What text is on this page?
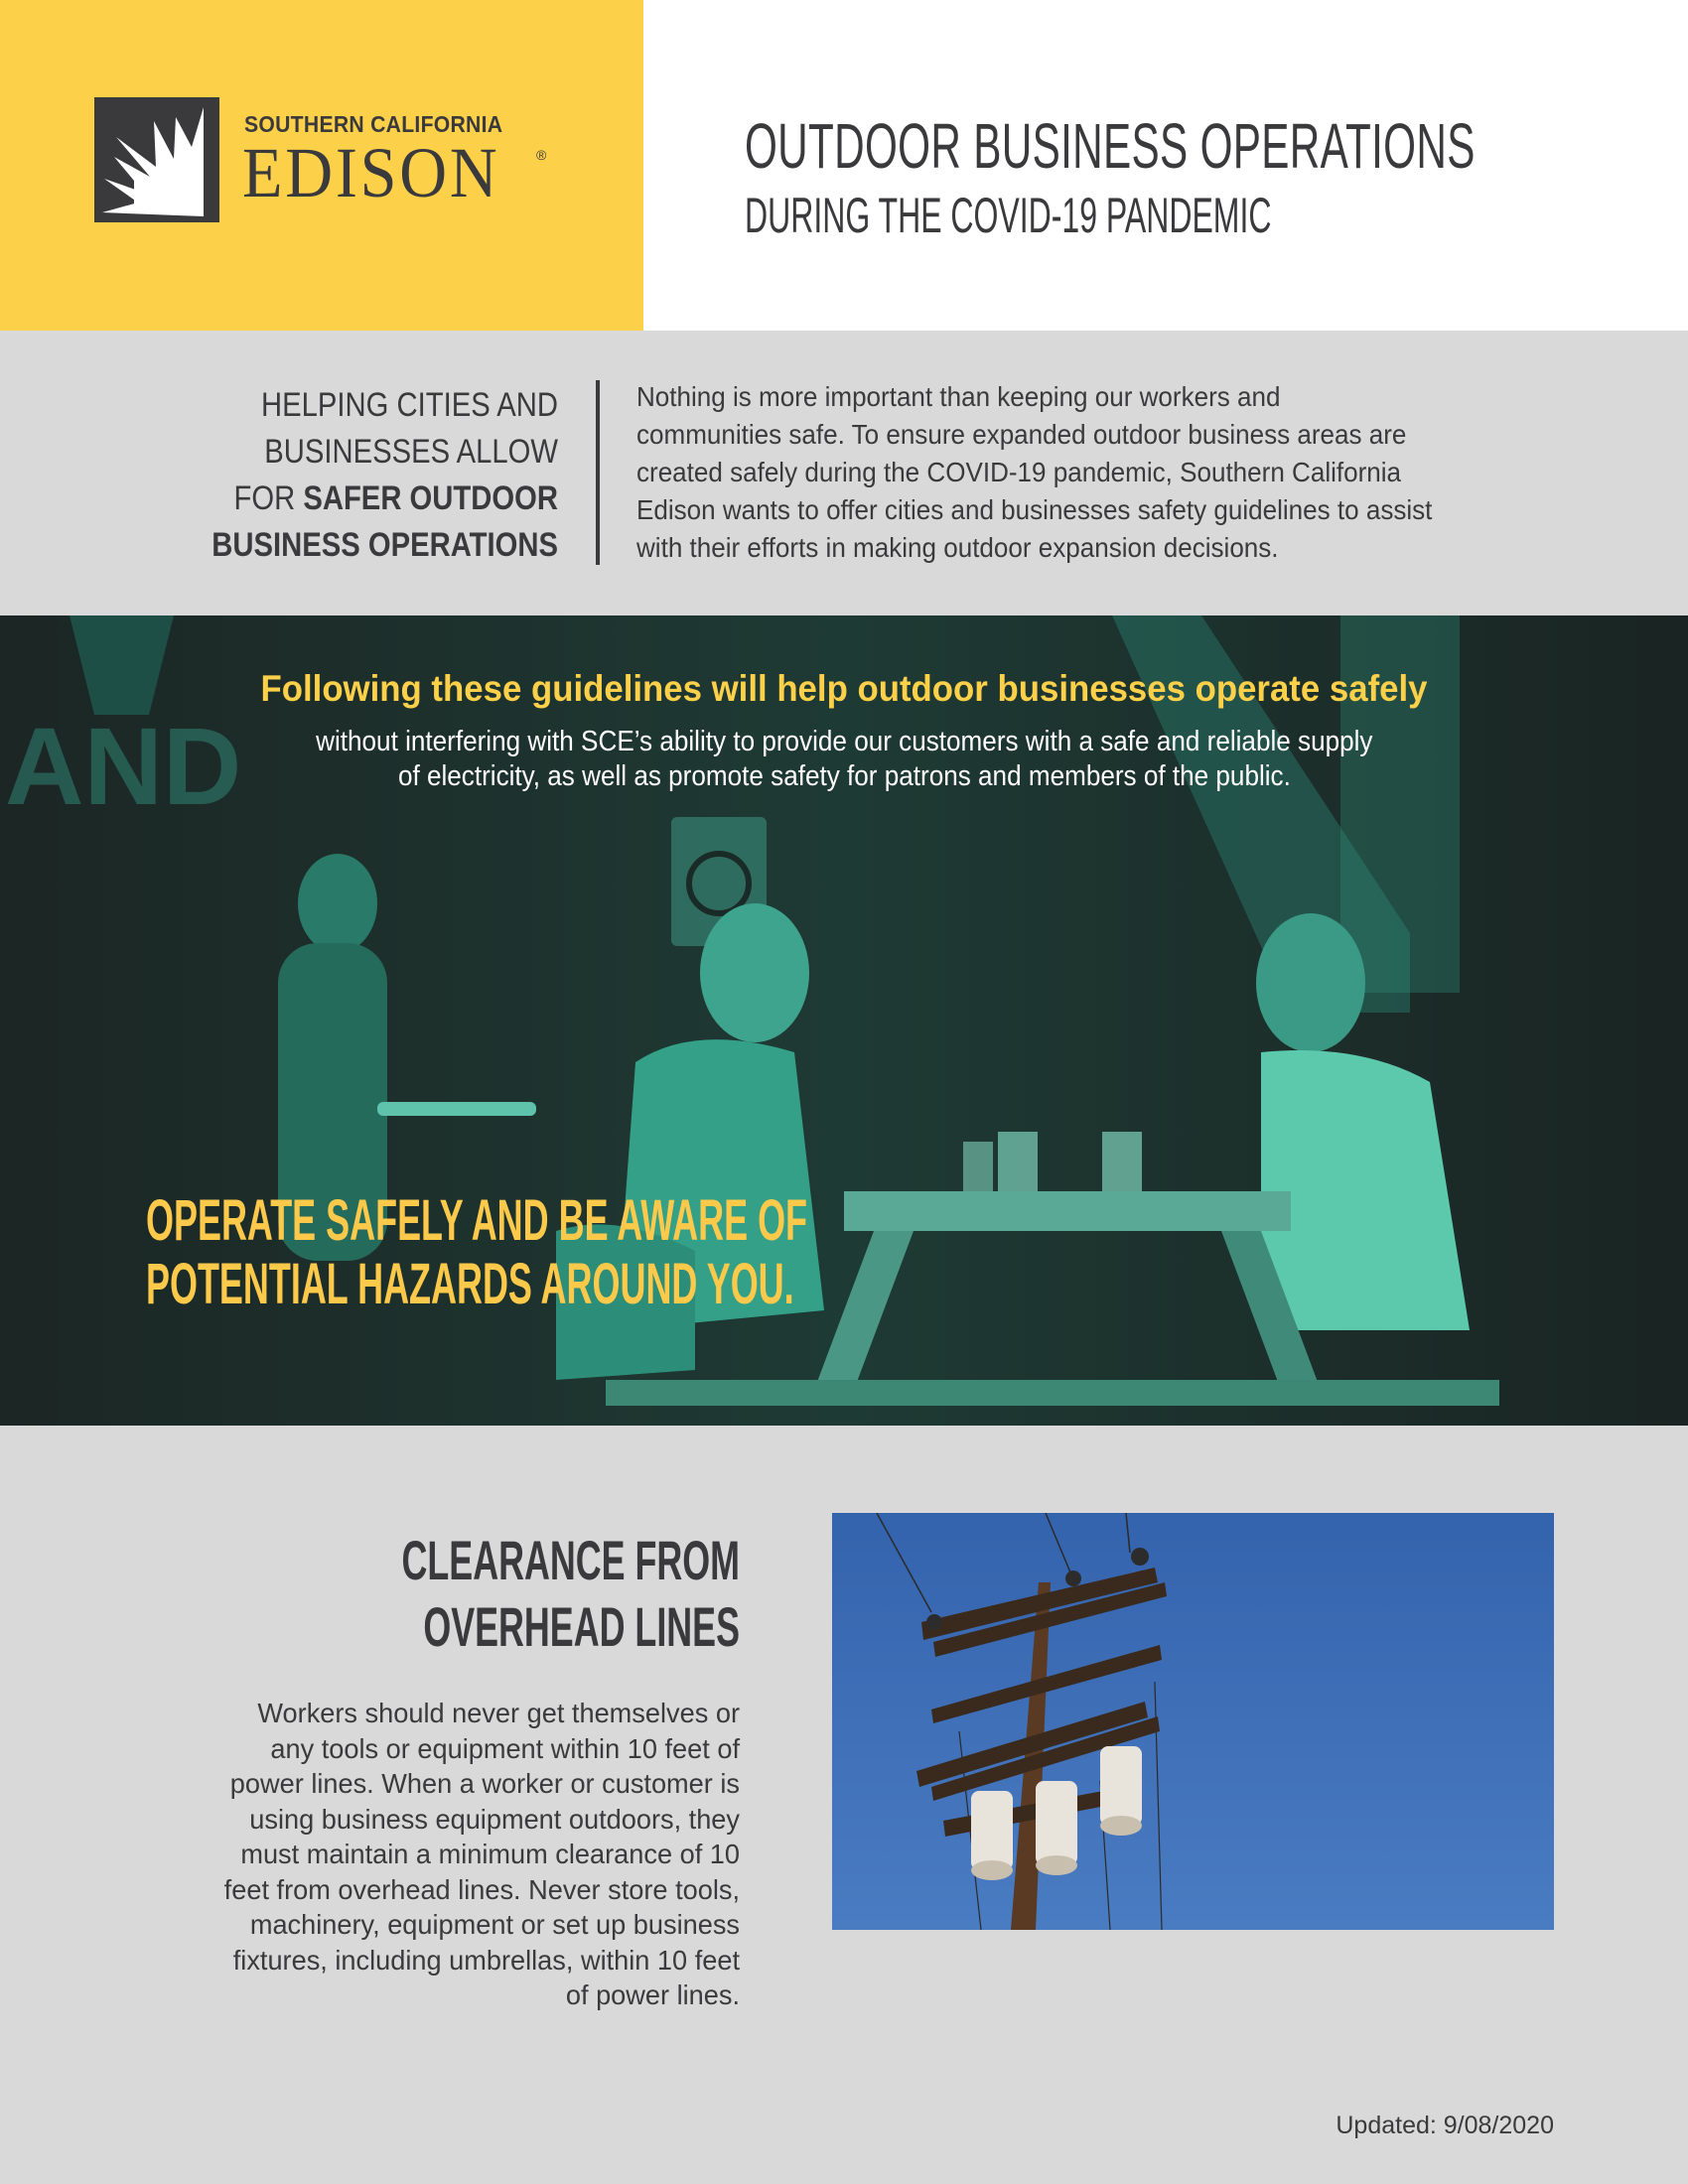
SOUTHERN CALIFORNIA
EDISON	®	OUTDOOR BUSINESS OPERATIONS
DURING THE COVID-19 PANDEMIC
HELPING CITIES AND
BUSINESSES ALLOW
FOR SAFER OUTDOOR
BUSINESS OPERATIONS
Nothing is more important than keeping our workers and
communities safe. To ensure expanded outdoor business areas are
created safely during the COVID-19 pandemic, Southern California
Edison wants to offer cities and businesses safety guidelines to assist
with their efforts in making outdoor expansion decisions.
AND
Following these guidelines will help outdoor businesses operate safely
without interfering with SCE’s ability to provide our customers with a safe and reliable supply
of electricity, as well as promote safety for patrons and members of the public.
OPERATE SAFELY AND BE AWARE OF
POTENTIAL HAZARDS AROUND YOU.
CLEARANCE FROM
OVERHEAD LINES
Workers should never get themselves or
any tools or equipment within 10 feet of
power lines. When a worker or customer is
using business equipment outdoors, they
must maintain a minimum clearance of 10
feet from overhead lines. Never store tools,
machinery, equipment or set up business
fixtures, including umbrellas, within 10 feet
of power lines.
Updated: 9/08/2020
